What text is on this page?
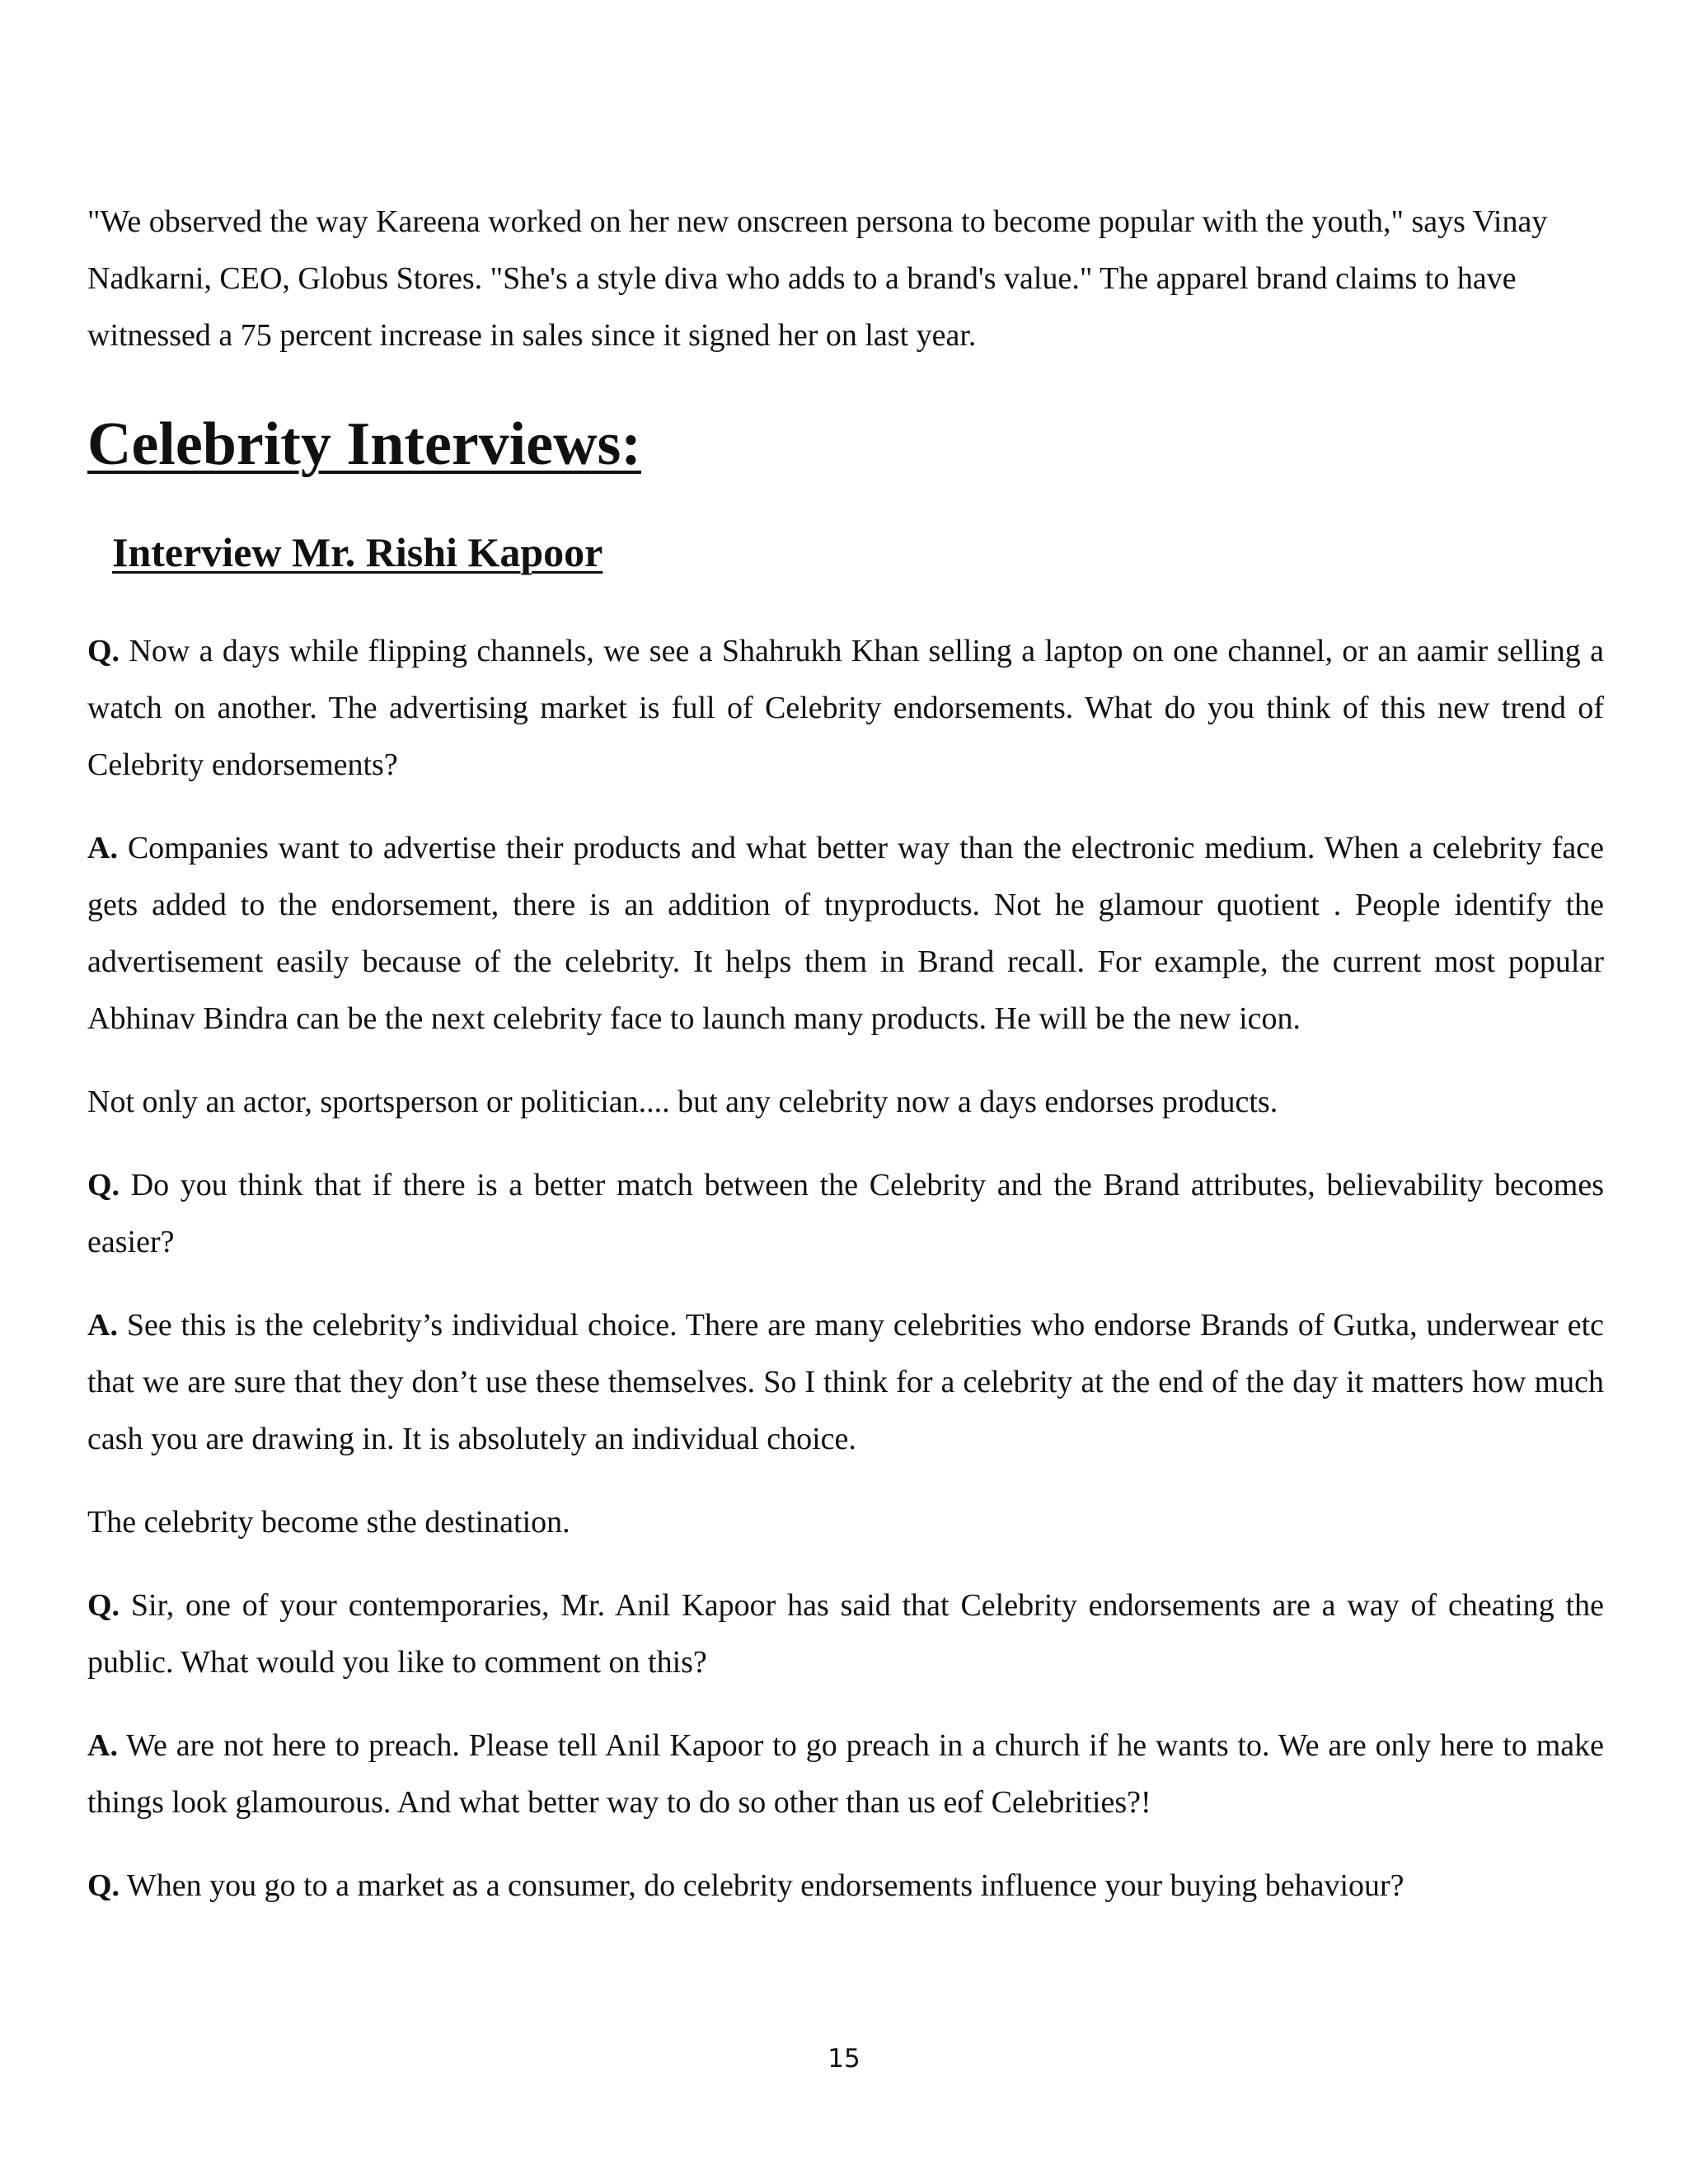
"We observed the way Kareena worked on her new onscreen persona to become popular with the youth," says Vinay Nadkarni, CEO, Globus Stores. "She's a style diva who adds to a brand's value." The apparel brand claims to have witnessed a 75 percent increase in sales since it signed her on last year.

Celebrity Interviews:
Interview Mr. Rishi Kapoor

Q. Now a days while flipping channels, we see a Shahrukh Khan selling a laptop on one channel, or an aamir selling a watch on another. The advertising market is full of Celebrity endorsements. What do you think of this new trend of Celebrity endorsements?

A. Companies want to advertise their products and what better way than the electronic medium. When a celebrity face gets added to the endorsement, there is an addition of tnyproducts. Not he glamour quotient . People identify the advertisement easily because of the celebrity. It helps them in Brand recall. For example, the current most popular Abhinav Bindra can be the next celebrity face to launch many products. He will be the new icon.

Not only an actor, sportsperson or politician.... but any celebrity now a days endorses products.

Q. Do you think that if there is a better match between the Celebrity and the Brand attributes, believability becomes easier?

A. See this is the celebrity’s individual choice. There are many celebrities who endorse Brands of Gutka, underwear etc that we are sure that they don’t use these themselves. So I think for a celebrity at the end of the day it matters how much cash you are drawing in. It is absolutely an individual choice.

The celebrity become sthe destination.

Q. Sir, one of your contemporaries, Mr. Anil Kapoor has said that Celebrity endorsements are a way of cheating the public. What would you like to comment on this?

A. We are not here to preach. Please tell Anil Kapoor to go preach in a church if he wants to. We are only here to make things look glamourous. And what better way to do so other than us eof Celebrities?!

Q. When you go to a market as a consumer, do celebrity endorsements influence your buying behaviour?

15
